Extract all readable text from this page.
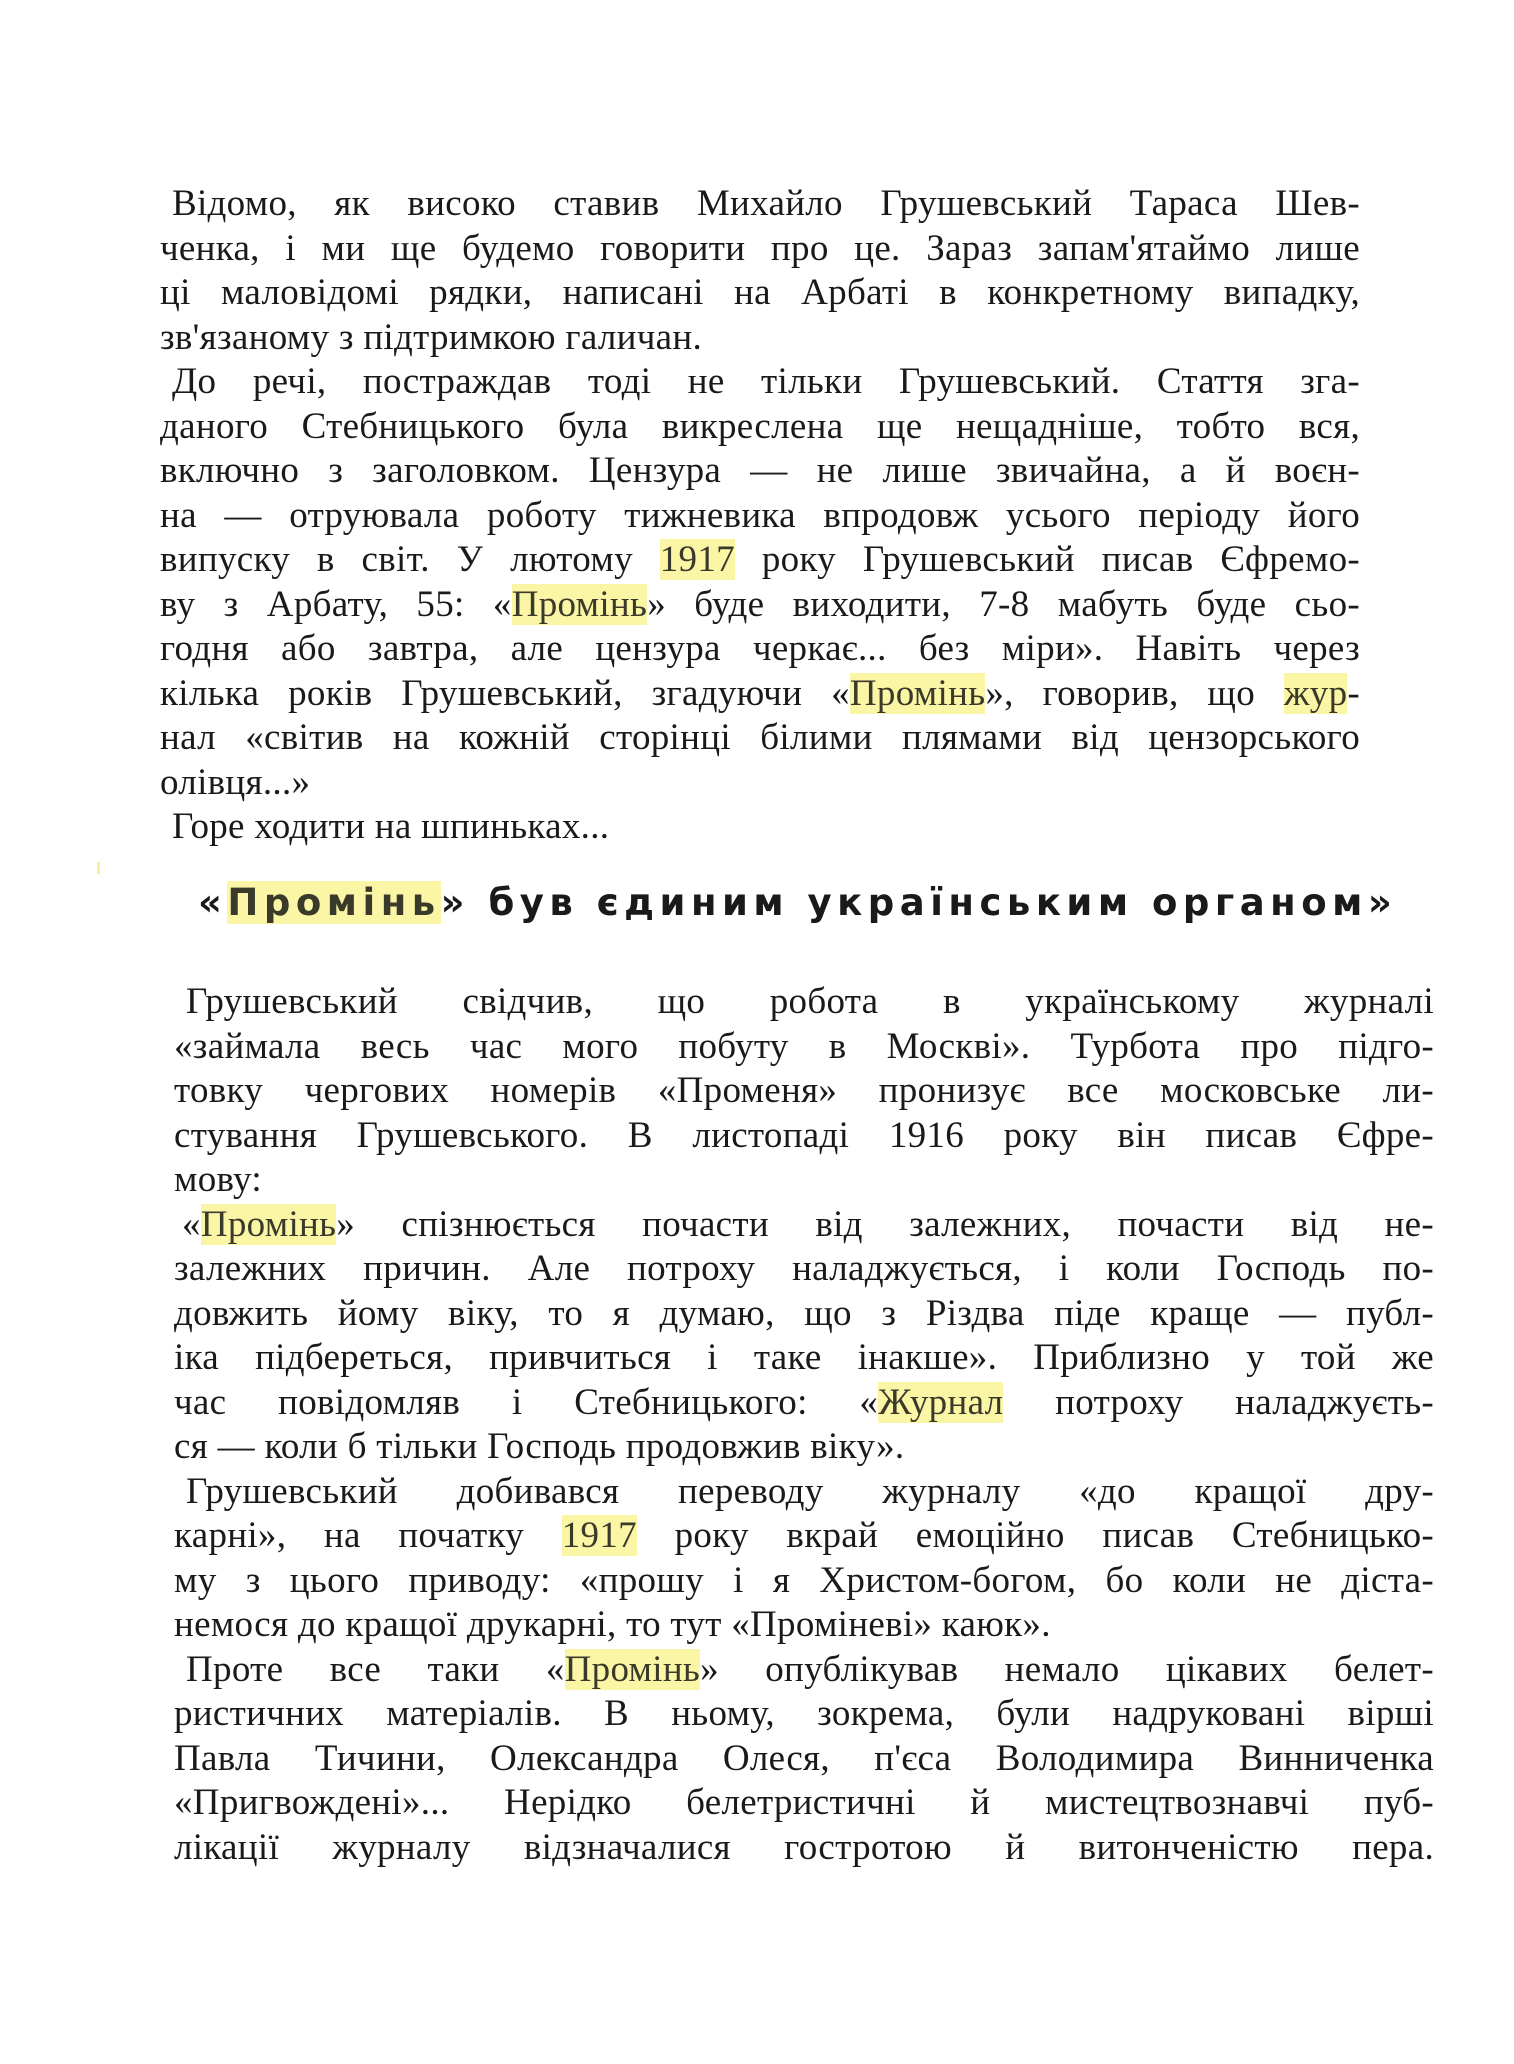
Відомо, як високо ставив Михайло Грушевський Тараса Шев-
ченка, і ми ще будемо говорити про це. Зараз запам'ятаймо лише
ці маловідомі рядки, написані на Арбаті в конкретному випадку,
зв'язаному з підтримкою галичан.
До речі, постраждав тоді не тільки Грушевський. Стаття зга-
даного Стебницького була викреслена ще нещадніше, тобто вся,
включно з заголовком. Цензура — не лише звичайна, а й воєн-
на — отруювала роботу тижневика впродовж усього періоду його
випуску в світ. У лютому 1917 року Грушевський писав Єфремо-
ву з Арбату, 55: «Промінь» буде виходити, 7-8 мабуть буде сьо-
годня або завтра, але цензура черкає... без міри». Навіть через
кілька років Грушевський, згадуючи «Промінь», говорив, що жур-
нал «світив на кожній сторінці білими плямами від цензорського
олівця...»
Горе ходити на шпиньках...
«Промінь» був єдиним українським органом»
Грушевський свідчив, що робота в українському журналі
«займала весь час мого побуту в Москві». Турбота про підго-
товку чергових номерів «Променя» пронизує все московське ли-
стування Грушевського. В листопаді 1916 року він писав Єфре-
мову:
«Промінь» спізнюється почасти від залежних, почасти від не-
залежних причин. Але потроху наладжується, і коли Господь по-
довжить йому віку, то я думаю, що з Різдва піде краще — публ-
іка підбереться, привчиться і таке інакше». Приблизно у той же
час повідомляв і Стебницького: «Журнал потроху наладжуєть-
ся — коли б тільки Господь продовжив віку».
Грушевський добивався переводу журналу «до кращої дру-
карні», на початку 1917 року вкрай емоційно писав Стебницько-
му з цього приводу: «прошу і я Христом-богом, бо коли не діста-
немося до кращої друкарні, то тут «Проміневі» каюк».
Проте все таки «Промінь» опублікував немало цікавих белет-
ристичних матеріалів. В ньому, зокрема, були надруковані вірші
Павла Тичини, Олександра Олеся, п'єса Володимира Винниченка
«Пригвождені»... Нерідко белетристичні й мистецтвознавчі пуб-
лікації журналу відзначалися гостротою й витонченістю пера.
